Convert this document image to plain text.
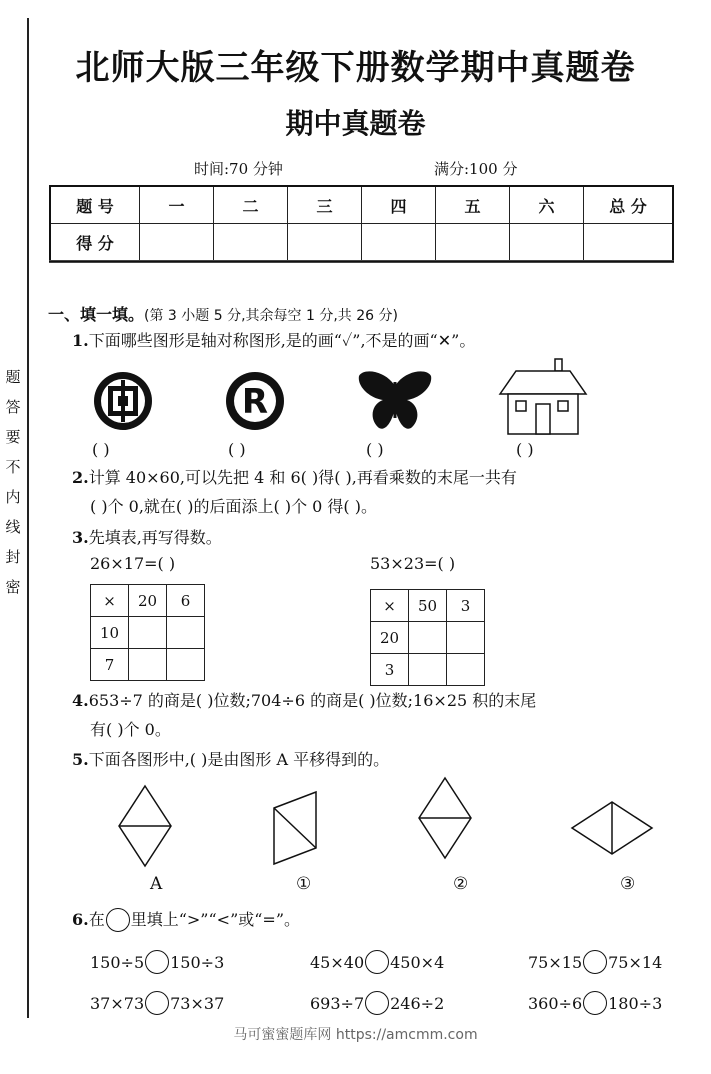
题
答
要
不
内
线
封
密
北师大版三年级下册数学期中真题卷
期中真题卷
时间:70 分钟	满分:100 分
题 号	一	二	三	四	五	六	总 分
得 分							
一、填一填。(第 3 小题 5 分,其余每空 1 分,共 26 分)
1.下面哪些图形是轴对称图形,是的画“✓”,不是的画“✕”。
R
( )	( )	( )	( )
2.计算 40×60,可以先把 4 和 6( )得( ),再看乘数的末尾一共有
( )个 0,就在( )的后面添上( )个 0 得( )。
3.先填表,再写得数。
26×17=( )	53×23=( )
×	20	6
10		
7		
×	50	3
20		
3		
4.653÷7 的商是( )位数;704÷6 的商是( )位数;16×25 积的末尾
有( )个 0。
5.下面各图形中,( )是由图形 A 平移得到的。
A	①	②	③
6. 在 里填上“>”“<”或“=”。
150÷5 150÷3	45×40 450×4	75×15 75×14
37×73 73×37	693÷7 246÷2	360÷6 180÷3
马可蜜蜜题库网 https://amcmm.com
